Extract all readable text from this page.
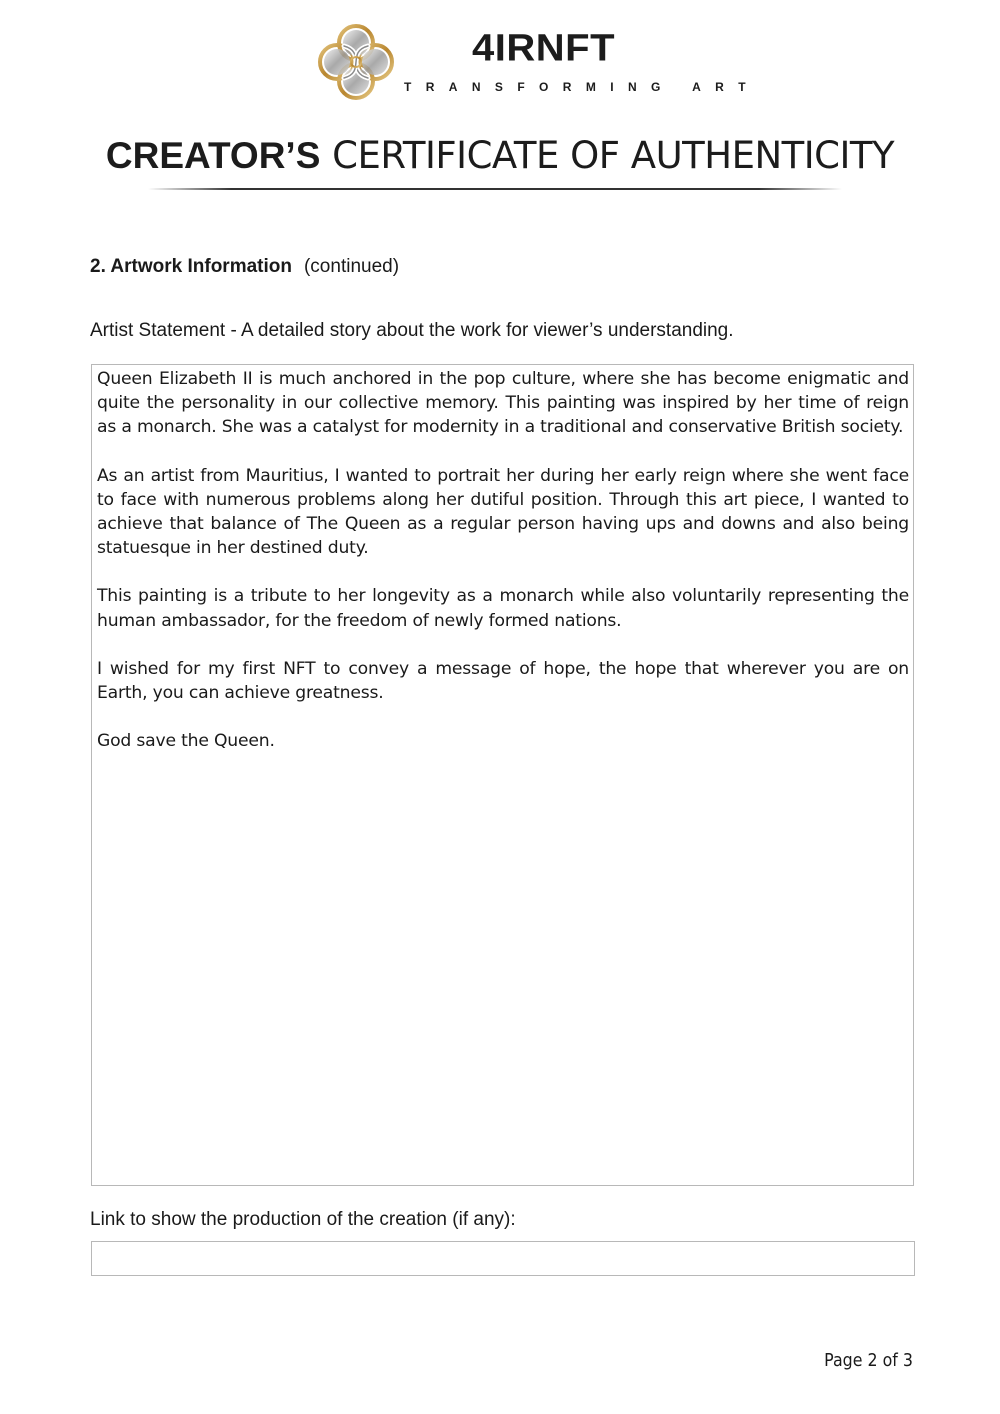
4IRNFT
TRANSFORMING ART
CREATOR’S CERTIFICATE OF AUTHENTICITY
2. Artwork Information (continued)
Artist Statement - A detailed story about the work for viewer’s understanding.

Queen Elizabeth II is much anchored in the pop culture, where she has become enigmatic and quite the personality in our collective memory. This painting was inspired by her time of reign as a monarch. She was a catalyst for modernity in a traditional and conservative British society.

As an artist from Mauritius, I wanted to portrait her during her early reign where she went face to face with numerous problems along her dutiful position. Through this art piece, I wanted to achieve that balance of The Queen as a regular person having ups and downs and also being statuesque in her destined duty.

This painting is a tribute to her longevity as a monarch while also voluntarily representing the human ambassador, for the freedom of newly formed nations.

I wished for my first NFT to convey a message of hope, the hope that wherever you are on Earth, you can achieve greatness.

God save the Queen.

Link to show the production of the creation (if any):
Page 2 of 3
